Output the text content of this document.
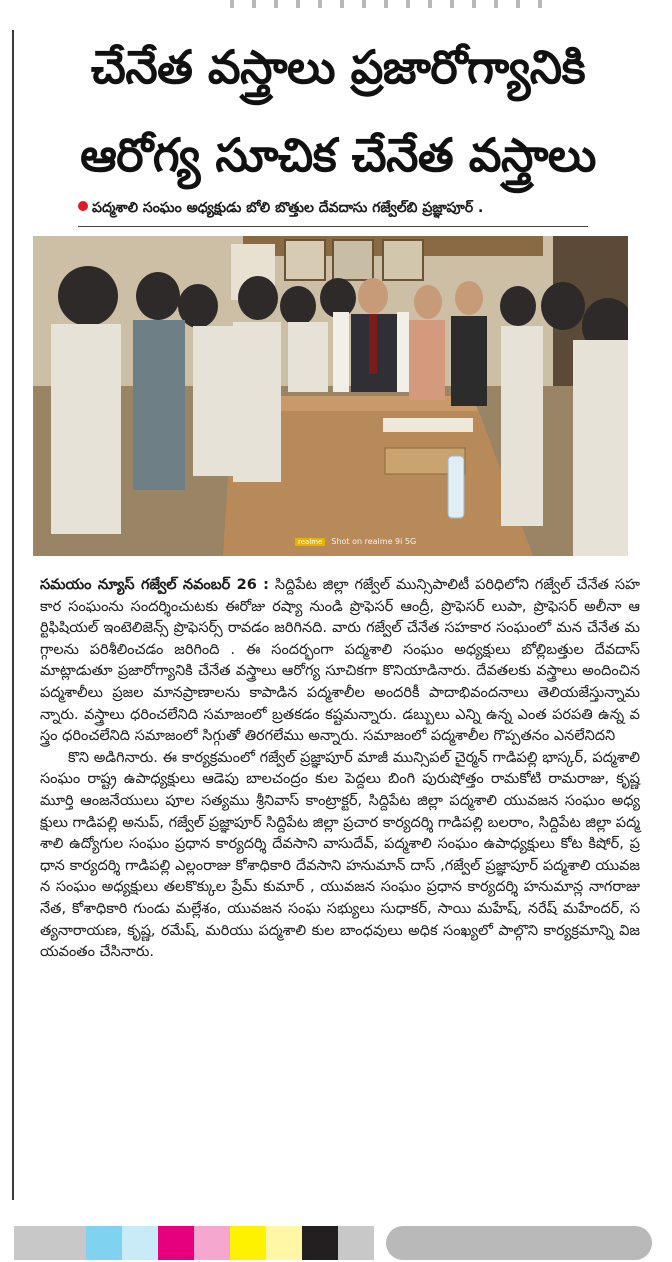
చేనేత వస్త్రాలు ప్రజారోగ్యానికి
ఆరోగ్య సూచిక చేనేత వస్త్రాలు
పద్మశాలి సంఘం అధ్యక్షుడు బోలి బొత్తుల దేవదాసు గజ్వేల్‌బి ప్రజ్ఞాపూర్ .
realme Shot on realme 9i 5G

సమయం న్యూస్ గజ్వేల్ నవంబర్ 26 : సిద్దిపేట జిల్లా గజ్వేల్ మున్సిపాలిటీ పరిధిలోని గజ్వేల్ చేనేత సహకార సంఘంను సందర్శించుటకు ఈరోజు రష్యా నుండి ప్రొఫెసర్ ఆంద్రీ, ప్రొఫెసర్ లుపా, ప్రొఫెసర్ అలీనా ఆర్టిఫిషియల్ ఇంటెలిజెన్స్ ప్రొఫెసర్స్ రావడం జరిగినది. వారు గజ్వేల్ చేనేత సహకార సంఘంలో మన చేనేత మగ్గాలను పరిశీలించడం జరిగింది . ఈ సందర్భంగా పద్మశాలి సంఘం అధ్యక్షులు బోల్లిబత్తుల దేవదాస్ మాట్లాడుతూ ప్రజారోగ్యానికి చేనేత వస్త్రాలు ఆరోగ్య సూచికగా కొనియాడినారు. దేవతలకు వస్త్రాలు అందించిన పద్మశాలీలు ప్రజల మానప్రాణాలను కాపాడిన పద్మశాలీల అందరికీ పాదాభివందనాలు తెలియజేస్తున్నామన్నారు. వస్త్రాలు ధరించలేనిది సమాజంలో బ్రతకడం కష్టమన్నారు. డబ్బులు ఎన్ని ఉన్న ఎంత పరపతి ఉన్న వస్త్రం ధరించలేనిది సమాజంలో సిగ్గుతో తిరగలేము అన్నారు. సమాజంలో పద్మశాలీల గొప్పతనం ఎనలేనిదని

కొని అడిగినారు. ఈ కార్యక్రమంలో గజ్వేల్ ప్రజ్ఞాపూర్ మాజీ మున్సిపల్ చైర్మన్ గాడిపల్లి భాస్కర్, పద్మశాలి సంఘం రాష్ట్ర ఉపాధ్యక్షులు ఆడెపు బాలచంద్రం కుల పెద్దలు బింగి పురుషోత్తం రామకోటి రామరాజు, కృష్ణమూర్తి ఆంజనేయులు పూల సత్యము శ్రీనివాస్ కాంట్రాక్టర్, సిద్దిపేట జిల్లా పద్మశాలి యువజన సంఘం అధ్యక్షులు గాడిపల్లి అనుప్, గజ్వేల్ ప్రజ్ఞాపూర్ సిద్దిపేట జిల్లా ప్రచార కార్యదర్శి గాడిపల్లి బలరాం, సిద్దిపేట జిల్లా పద్మశాలి ఉద్యోగుల సంఘం ప్రధాన కార్యదర్శి దేవసాని వాసుదేవ్, పద్మశాలి సంఘం ఉపాధ్యక్షులు కోట కిషోర్, ప్రధాన కార్యదర్శి గాడిపల్లి ఎల్లంరాజు కోశాధికారి దేవసాని హనుమాన్ దాస్ ,గజ్వేల్ ప్రజ్ఞాపూర్ పద్మశాలి యువజన సంఘం అధ్యక్షులు తలకొక్కుల ప్రేమ్ కుమార్ , యువజన సంఘం ప్రధాన కార్యదర్శి హనుమాన్ల నాగరాజు నేత, కోశాధికారి గుండు మల్లేశం, యువజన సంఘ సభ్యులు సుధాకర్, సాయి మహేష్, నరేష్ మహేందర్, సత్యనారాయణ, కృష్ణ, రమేష్, మరియు పద్మశాలి కుల బాంధవులు అధిక సంఖ్యలో పాల్గొని కార్యక్రమాన్ని విజయవంతం చేసినారు.
